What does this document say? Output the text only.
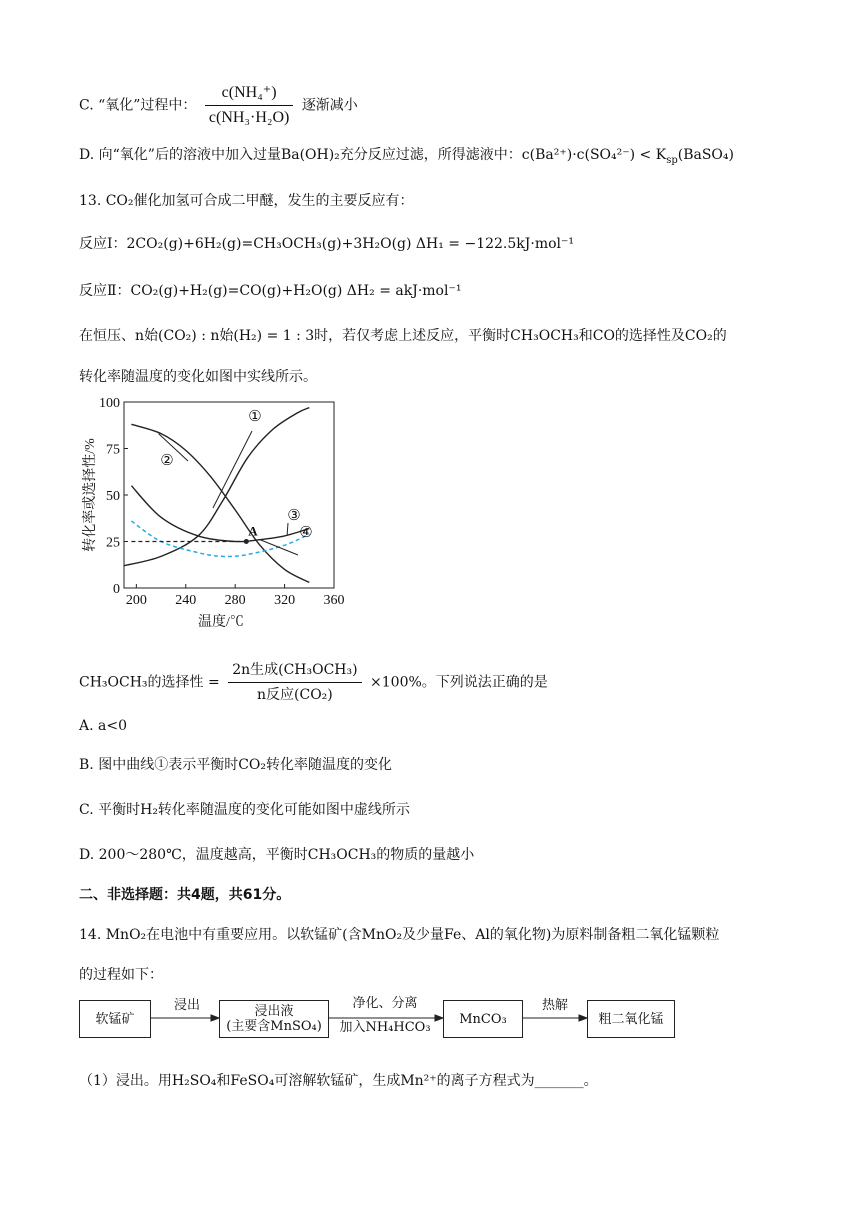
C. “氧化”过程中： $\frac{\text{c(NH₄⁺)}}{\text{c(NH₃·H₂O)}}$ 逐渐减小
D. 向“氧化”后的溶液中加入过量Ba(OH)₂充分反应过滤，所得滤液中：$c(Ba^{2+})\cdot c(SO_4^{2-}) < K_{sp}(BaSO_4)$
13. CO₂催化加氢可合成二甲醚，发生的主要反应有：
反应Ⅰ：2CO₂(g)+6H₂(g)=CH₃OCH₃(g)+3H₂O(g) ΔH₁ = −122.5kJ·mol⁻¹
反应Ⅱ：CO₂(g)+H₂(g)=CO(g)+H₂O(g) ΔH₂ = akJ·mol⁻¹
在恒压、n始(CO₂) : n始(H₂) = 1 : 3时，若仅考虑上述反应，平衡时CH₃OCH₃和CO的选择性及CO₂的
转化率随温度的变化如图中实线所示。
200 240 280 320 360
0
25
50
75
100
温度/℃
转化率或选择性/%	A
①
②
③
④
CH₃OCH₃的选择性 = $\frac{\text{2n生成(CH₃OCH₃)}}{\text{n反应(CO₂)}} \times 100\%$。下列说法正确的是
A. a<0
B. 图中曲线①表示平衡时CO₂转化率随温度的变化
C. 平衡时H₂转化率随温度的变化可能如图中虚线所示
D. 200～280℃，温度越高，平衡时CH₃OCH₃的物质的量越小
二、非选择题：共4题，共61分。
14. MnO₂在电池中有重要应用。以软锰矿(含MnO₂及少量Fe、Al的氧化物)为原料制备粗二氧化锰颗粒
的过程如下：
软锰矿
浸出	浸出液
(主要含MnSO₄)
净化、分离
加入NH₄HCO₃
MnCO₃
热解
粗二氧化锰
（1）浸出。用H₂SO₄和FeSO₄可溶解软锰矿，生成Mn²⁺的离子方程式为_______。
